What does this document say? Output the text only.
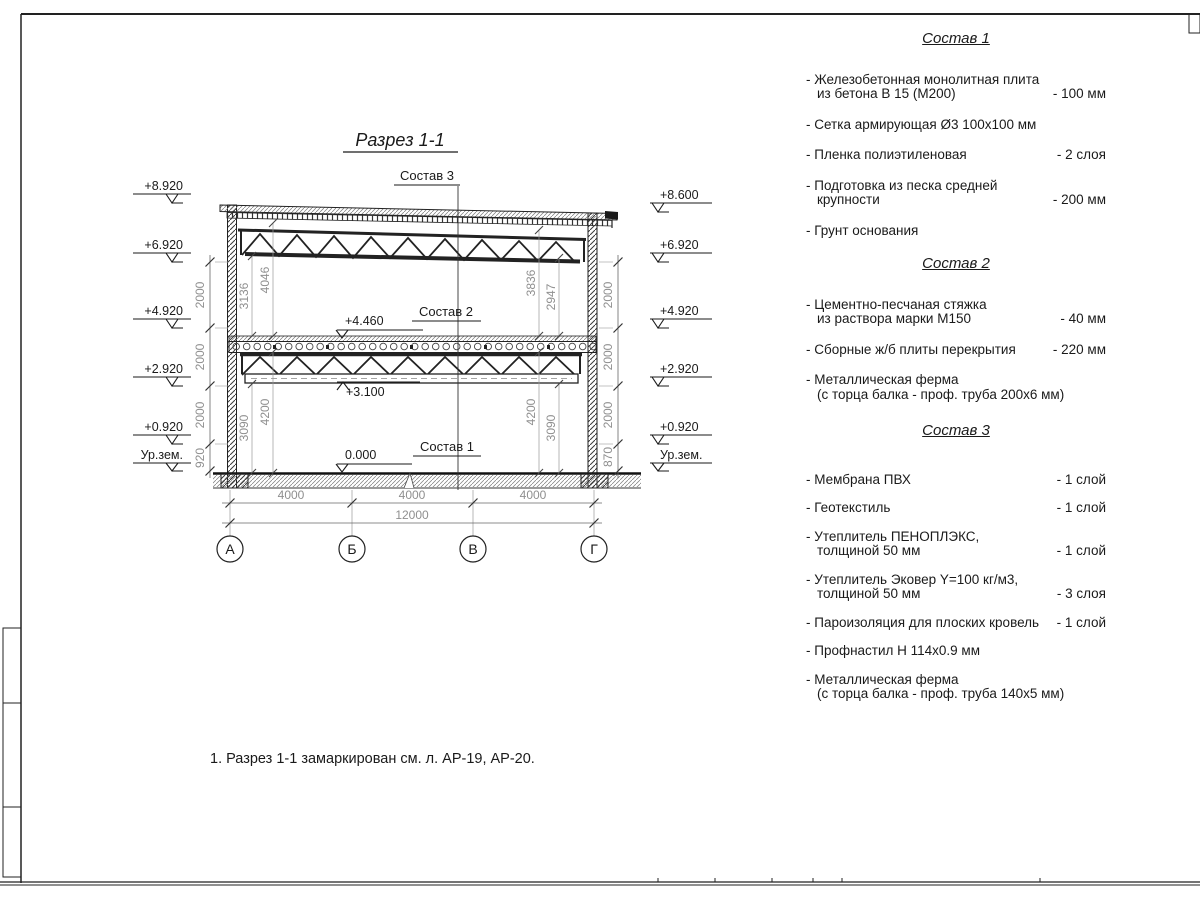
Разрез 1-1
Состав 3
Состав 2
Состав 1
+4.460
+3.100
0.000
+8.920
+6.920
+4.920
+2.920
+0.920
Ур.зем.
+8.600
+6.920
+4.920
+2.920
+0.920
Ур.зем.
2000
2000
2000
920
2000
2000
2000
870
3136
4046	3836
2947
3090
4200	4200
3090
4000	4000	4000
12000
А	Б	В	Г
1. Разрез 1-1 замаркирован см. л. АР-19, АР-20.
Состав 1
- Железобетонная монолитная плита
из бетона В 15 (М200)	- 100 мм
- Сетка армирующая Ø3 100x100 мм
- Пленка полиэтиленовая	- 2 слоя
- Подготовка из песка средней
крупности	- 200 мм
- Грунт основания
Состав 2
- Цементно-песчаная стяжка
из раствора марки М150	- 40 мм
- Сборные ж/б плиты перекрытия	- 220 мм
- Металлическая ферма
(с торца балка - проф. труба 200x6 мм)
Состав 3
- Мембрана ПВХ	- 1 слой
- Геотекстиль	- 1 слой
- Утеплитель ПЕНОПЛЭКС,
толщиной 50 мм	- 1 слой
- Утеплитель Эковер Y=100 кг/м3,
толщиной 50 мм	- 3 слоя
- Пароизоляция для плоских кровель	- 1 слой
- Профнастил Н 114x0.9 мм
- Металлическая ферма
(с торца балка - проф. труба 140x5 мм)
